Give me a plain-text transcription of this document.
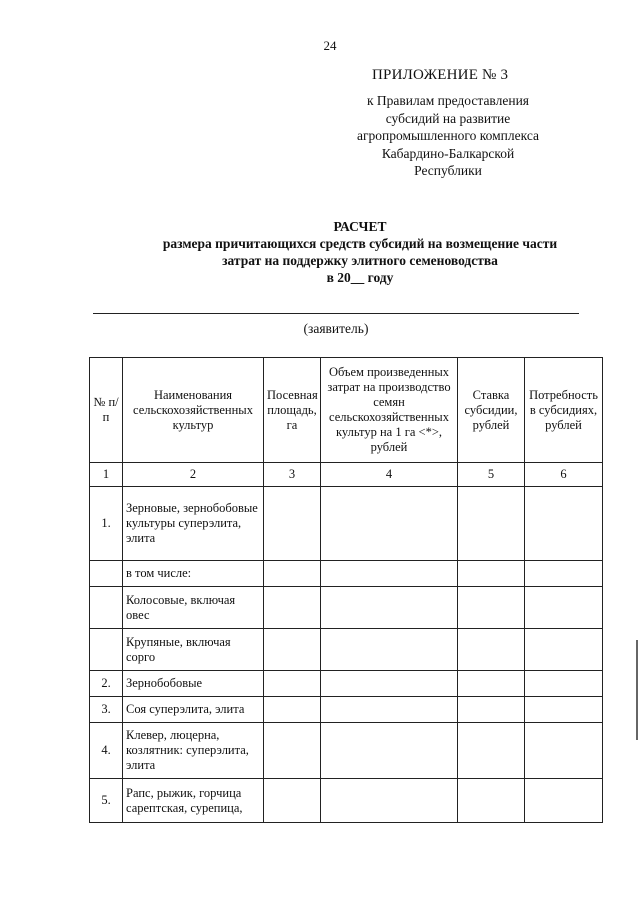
24
ПРИЛОЖЕНИЕ № 3
к Правилам предоставления
субсидий на развитие
агропромышленного комплекса
Кабардино-Балкарской
Республики
РАСЧЕТ
размера причитающихся средств субсидий на возмещение части
затрат на поддержку элитного семеноводства
в 20__ году
(заявитель)
№ п/п	Наименования сельскохозяйственных культур	Посевная площадь, га	Объем произведенных затрат на производство семян сельскохозяйственных культур на 1 га <*>, рублей	Ставка субсидии, рублей	Потребность в субсидиях, рублей
1	2	3	4	5	6
1.	Зерновые, зернобобовые культуры суперэлита, элита				
	в том числе:				
	Колосовые, включая овес				
	Крупяные, включая сорго				
2.	Зернобобовые				
3.	Соя суперэлита, элита				
4.	Клевер, люцерна, козлятник: суперэлита, элита				
5.	Рапс, рыжик, горчица сарептская, сурепица,				
